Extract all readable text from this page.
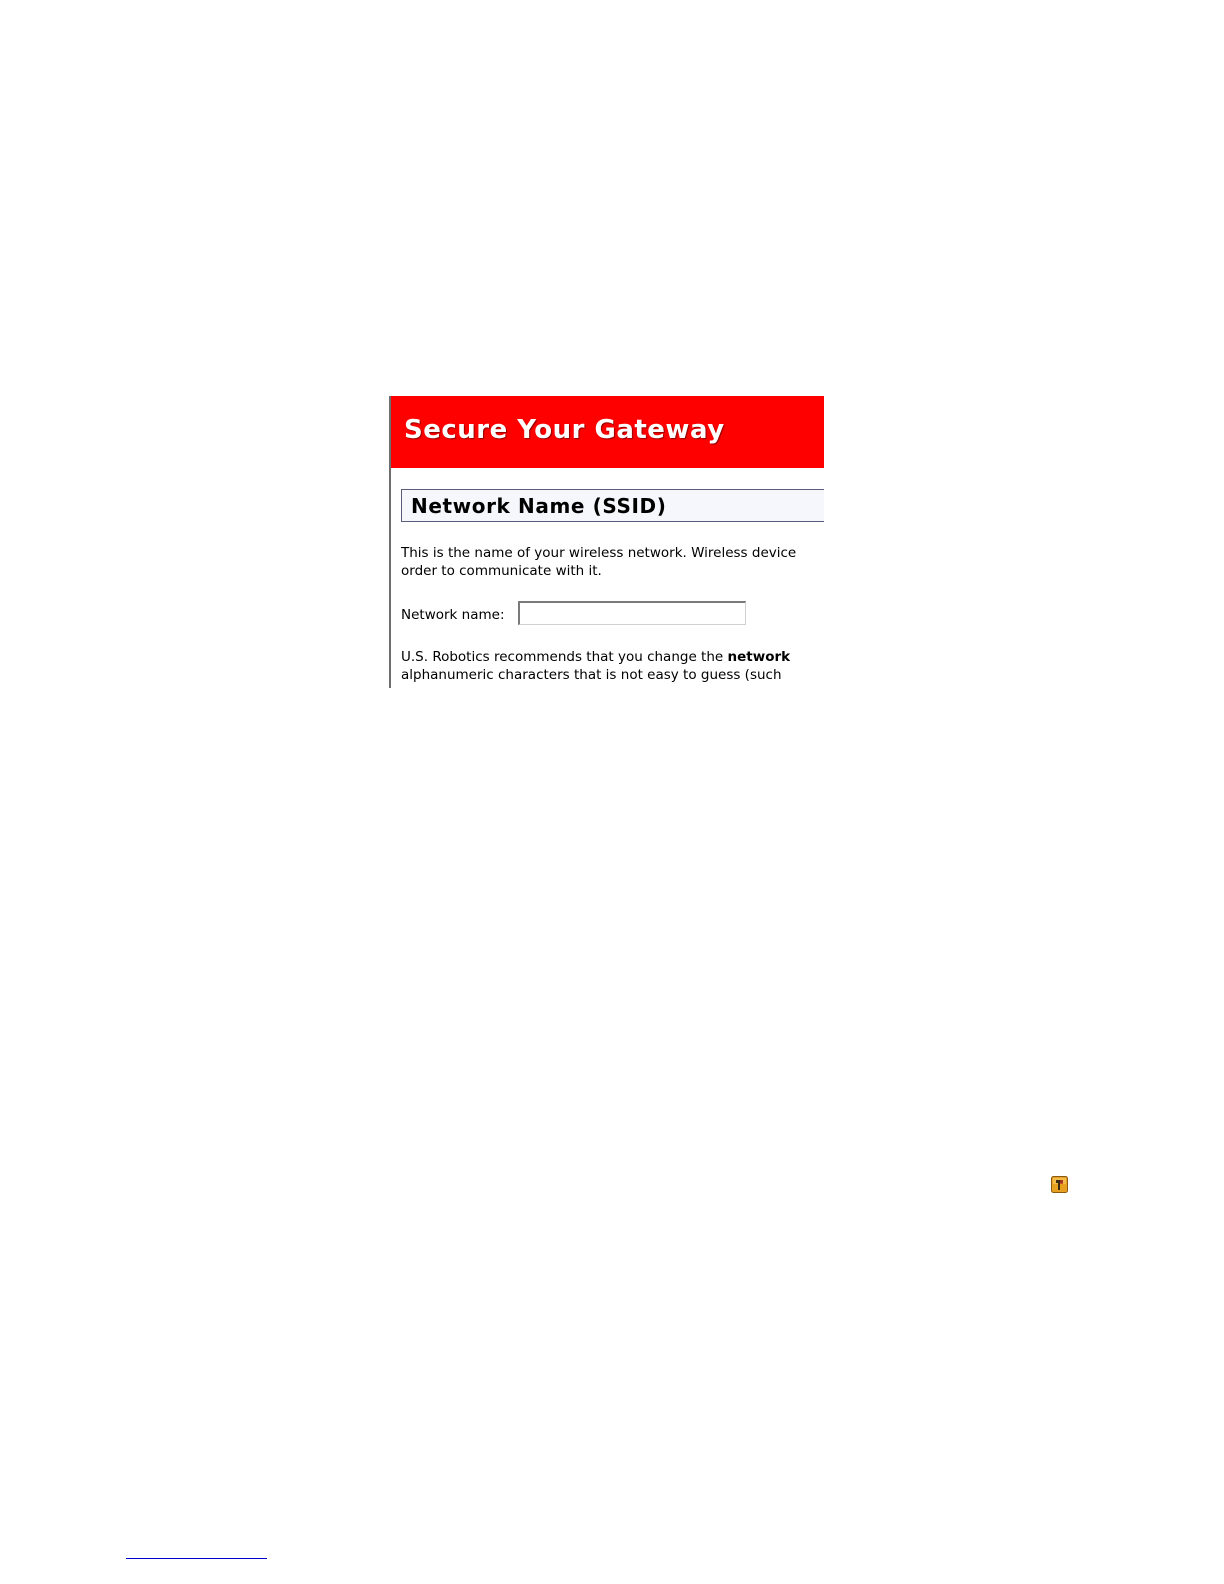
Secure Your Gateway
Network Name (SSID)
This is the name of your wireless network. Wireless device
order to communicate with it.
Network name:
U.S. Robotics recommends that you change the network
alphanumeric characters that is not easy to guess (such
